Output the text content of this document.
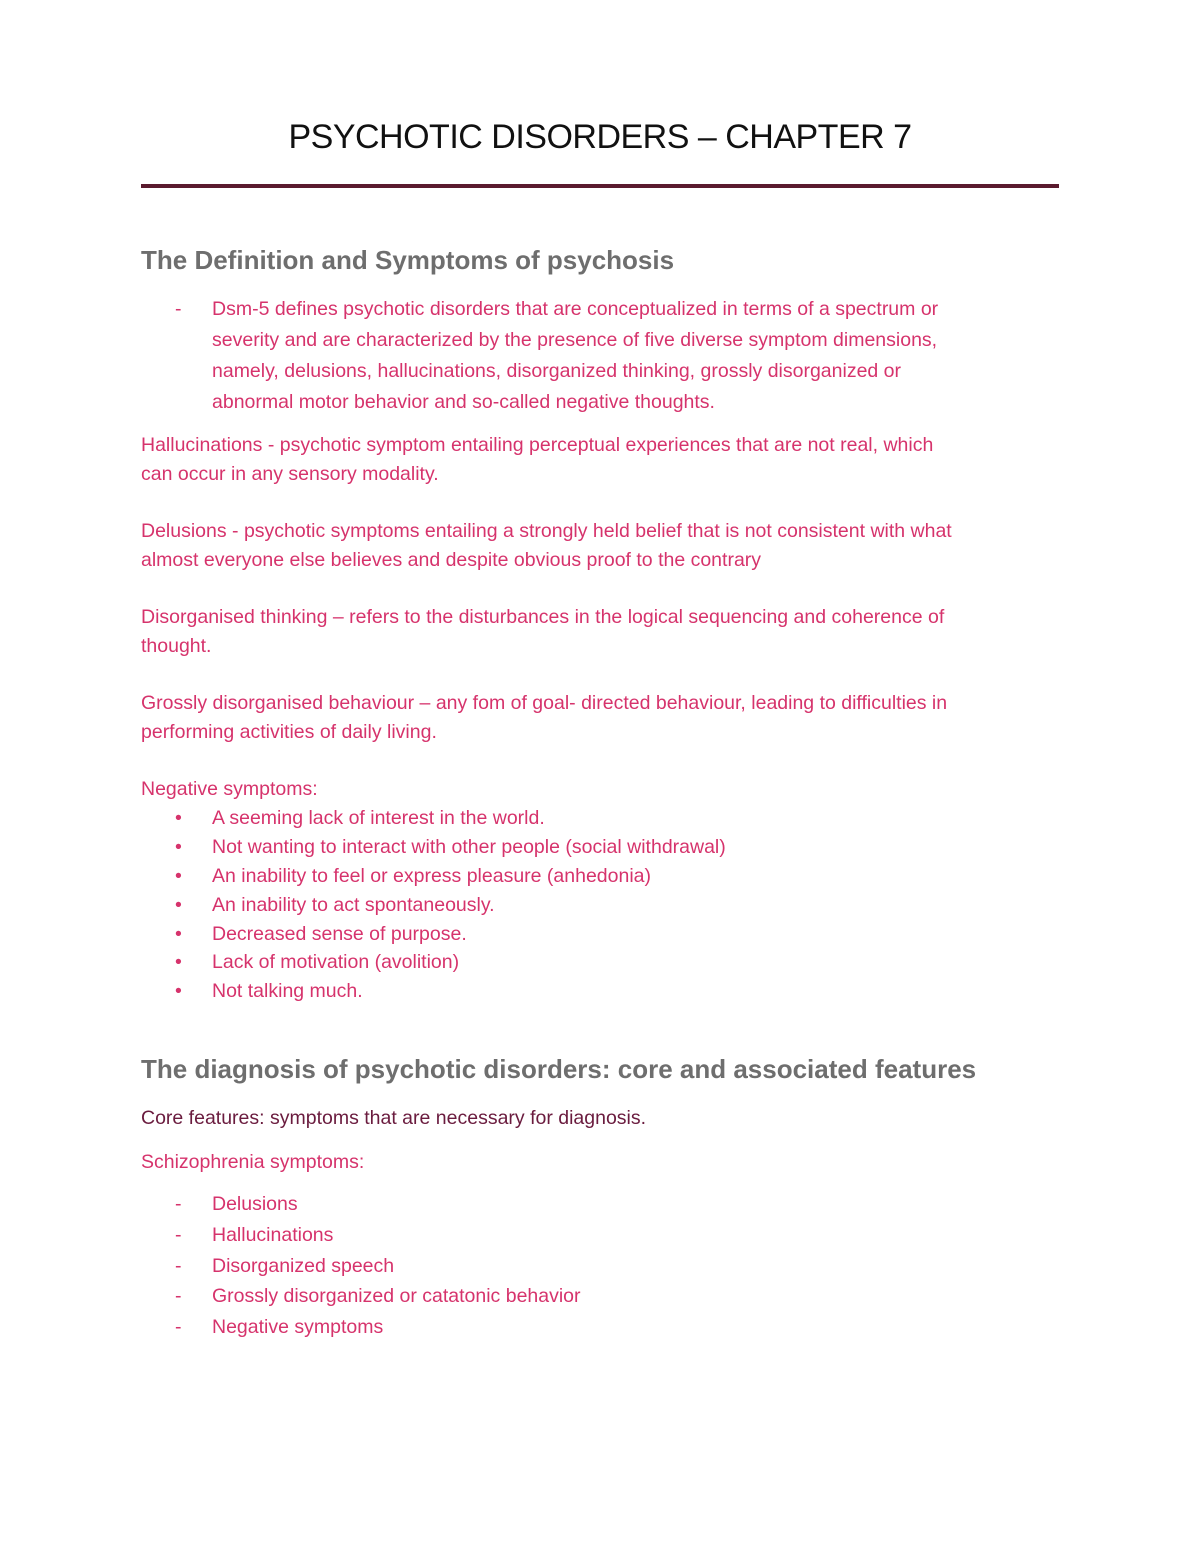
PSYCHOTIC DISORDERS – CHAPTER 7
The Definition and Symptoms of psychosis
- Dsm-5 defines psychotic disorders that are conceptualized in terms of a spectrum or
severity and are characterized by the presence of five diverse symptom dimensions,
namely, delusions, hallucinations, disorganized thinking, grossly disorganized or
abnormal motor behavior and so-called negative thoughts.
Hallucinations - psychotic symptom entailing perceptual experiences that are not real, which
can occur in any sensory modality.
Delusions - psychotic symptoms entailing a strongly held belief that is not consistent with what
almost everyone else believes and despite obvious proof to the contrary
Disorganised thinking – refers to the disturbances in the logical sequencing and coherence of
thought.
Grossly disorganised behaviour – any fom of goal- directed behaviour, leading to difficulties in
performing activities of daily living.
Negative symptoms:
• A seeming lack of interest in the world.
• Not wanting to interact with other people (social withdrawal)
• An inability to feel or express pleasure (anhedonia)
• An inability to act spontaneously.
• Decreased sense of purpose.
• Lack of motivation (avolition)
• Not talking much.
The diagnosis of psychotic disorders: core and associated features
Core features: symptoms that are necessary for diagnosis.
Schizophrenia symptoms:
- Delusions
- Hallucinations
- Disorganized speech
- Grossly disorganized or catatonic behavior
- Negative symptoms
